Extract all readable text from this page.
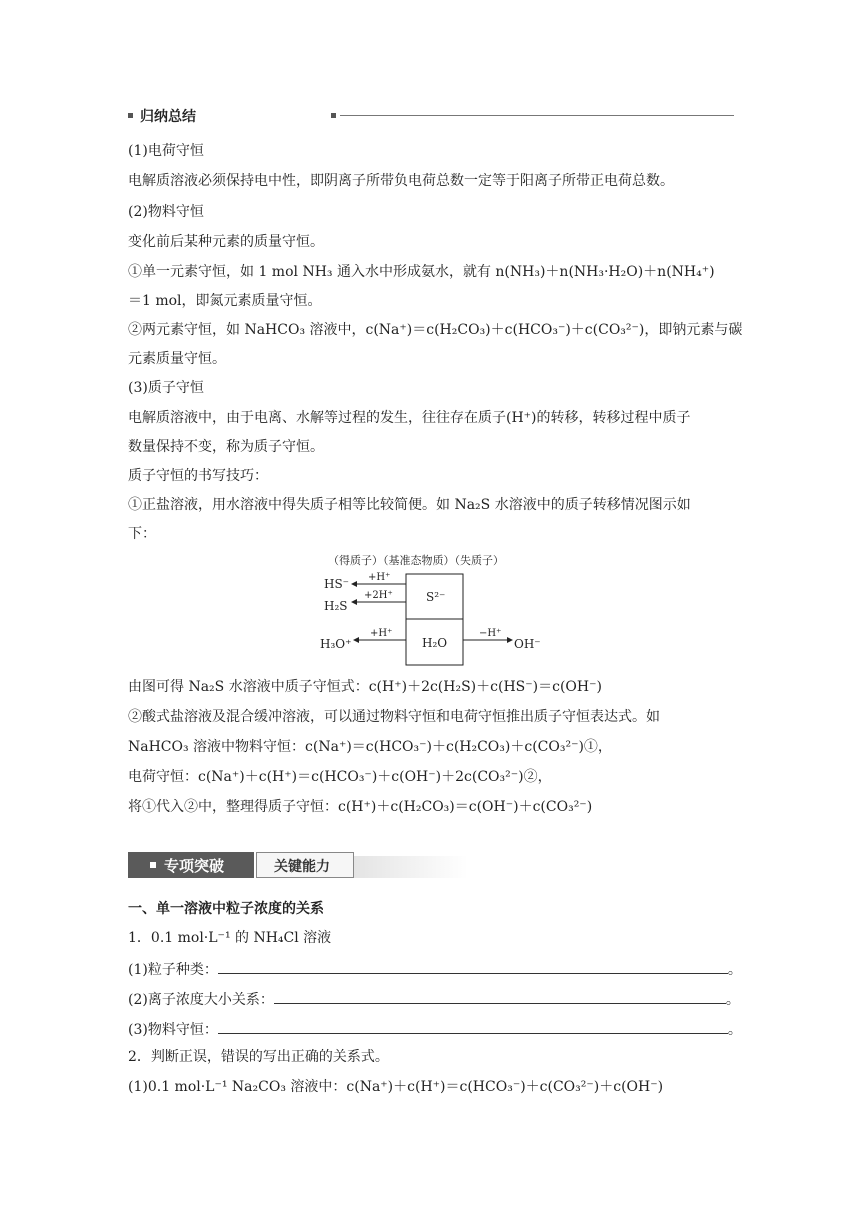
归纳总结
(1)电荷守恒
电解质溶液必须保持电中性，即阴离子所带负电荷总数一定等于阳离子所带正电荷总数。
(2)物料守恒
变化前后某种元素的质量守恒。
①单一元素守恒，如 1 mol NH₃ 通入水中形成氨水，就有 n(NH₃)＋n(NH₃·H₂O)＋n(NH₄⁺)
＝1 mol，即氮元素质量守恒。
②两元素守恒，如 NaHCO₃ 溶液中，c(Na⁺)＝c(H₂CO₃)＋c(HCO₃⁻)＋c(CO₃²⁻)，即钠元素与碳
元素质量守恒。
(3)质子守恒
电解质溶液中，由于电离、水解等过程的发生，往往存在质子(H⁺)的转移，转移过程中质子
数量保持不变，称为质子守恒。
质子守恒的书写技巧：
①正盐溶液，用水溶液中得失质子相等比较简便。如 Na₂S 水溶液中的质子转移情况图示如
下：
（得质子）（基准态物质）（失质子）
S²⁻
H₂O
HS⁻ +H⁺
H₂S
+2H⁺
H₃O⁺
+H⁺
OH⁻
−H⁺
由图可得 Na₂S 水溶液中质子守恒式：c(H⁺)＋2c(H₂S)＋c(HS⁻)＝c(OH⁻)
②酸式盐溶液及混合缓冲溶液，可以通过物料守恒和电荷守恒推出质子守恒表达式。如
NaHCO₃ 溶液中物料守恒：c(Na⁺)＝c(HCO₃⁻)＋c(H₂CO₃)＋c(CO₃²⁻)①，
电荷守恒：c(Na⁺)＋c(H⁺)＝c(HCO₃⁻)＋c(OH⁻)＋2c(CO₃²⁻)②，
将①代入②中，整理得质子守恒：c(H⁺)＋c(H₂CO₃)＝c(OH⁻)＋c(CO₃²⁻)
专项突破	关键能力
一、单一溶液中粒子浓度的关系
1．0.1 mol·L⁻¹ 的 NH₄Cl 溶液
(1)粒子种类：	。
(2)离子浓度大小关系：	。
(3)物料守恒：	。
2．判断正误，错误的写出正确的关系式。
(1)0.1 mol·L⁻¹ Na₂CO₃ 溶液中：c(Na⁺)＋c(H⁺)＝c(HCO₃⁻)＋c(CO₃²⁻)＋c(OH⁻)
